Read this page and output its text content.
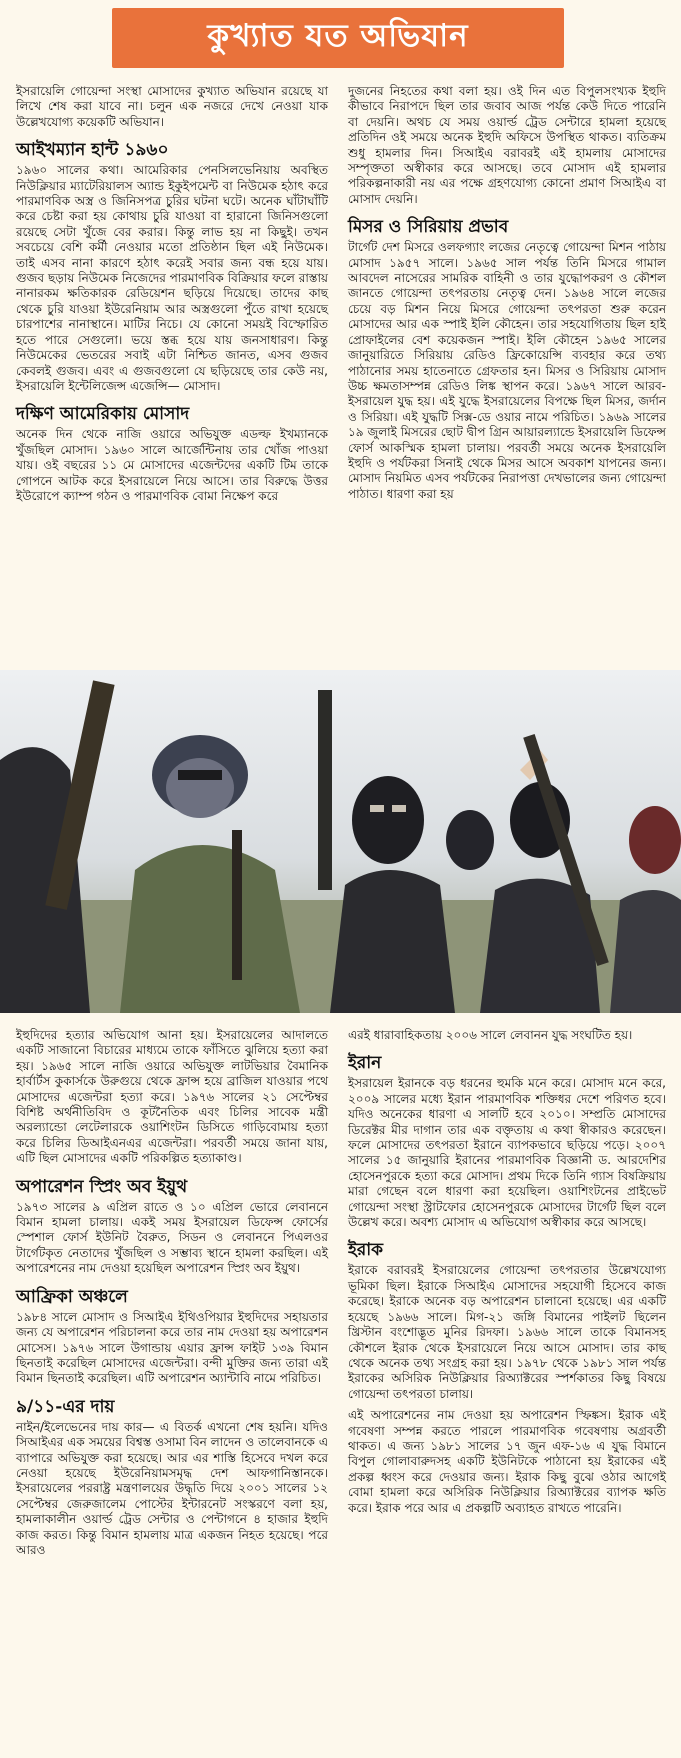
কুখ্যাত যত অভিযান

ইসরায়েলি গোয়েন্দা সংস্থা মোসাদের কুখ্যাত অভিযান রয়েছে যা লিখে শেষ করা যাবে না। চলুন এক নজরে দেখে নেওয়া যাক উল্লেখযোগ্য কয়েকটি অভিযান।

আইখম্যান হান্ট ১৯৬০

১৯৬০ সালের কথা। আমেরিকার পেনসিলভেনিয়ায় অবস্থিত নিউক্লিয়ার ম্যাটেরিয়ালস অ্যান্ড ইকুইপমেন্ট বা নিউমেক হঠাৎ করে পারমাণবিক অস্ত্র ও জিনিসপত্র চুরির ঘটনা ঘটে। অনেক ঘাঁটাঘাঁটি করে চেষ্টা করা হয় কোথায় চুরি যাওয়া বা হারানো জিনিসগুলো রয়েছে সেটা খুঁজে বের করার। কিন্তু লাভ হয় না কিছুই। তখন সবচেয়ে বেশি কর্মী নেওয়ার মতো প্রতিষ্ঠান ছিল এই নিউমেক। তাই এসব নানা কারণে হঠাৎ করেই সবার জন্য বন্ধ হয়ে যায়। গুজব ছড়ায় নিউমেক নিজেদের পারমাণবিক বিক্রিয়ার ফলে রাস্তায় নানারকম ক্ষতিকারক রেডিয়েশন ছড়িয়ে দিয়েছে। তাদের কাছ থেকে চুরি যাওয়া ইউরেনিয়াম আর অস্ত্রগুলো পুঁতে রাখা হয়েছে চারপাশের নানাস্থানে। মাটির নিচে। যে কোনো সময়ই বিস্ফোরিত হতে পারে সেগুলো। ভয়ে স্তব্ধ হয়ে যায় জনসাধারণ। কিন্তু নিউমেকের ভেতরের সবাই এটা নিশ্চিত জানত, এসব গুজব কেবলই গুজব। এবং এ গুজবগুলো যে ছড়িয়েছে তার কেউ নয়, ইসরায়েলি ইন্টেলিজেন্স এজেন্সি— মোসাদ।

দক্ষিণ আমেরিকায় মোসাদ

অনেক দিন থেকে নাজি ওয়ারে অভিযুক্ত এডল্ফ ইখম্যানকে খুঁজছিল মোসাদ। ১৯৬০ সালে আর্জেন্টিনায় তার খোঁজ পাওয়া যায়। ওই বছরের ১১ মে মোসাদের এজেন্টদের একটি টিম তাকে গোপনে আটক করে ইসরায়েলে নিয়ে আসে। তার বিরুদ্ধে উত্তর ইউরোপে ক্যাম্প গঠন ও পারমাণবিক বোমা নিক্ষেপ করে

দুজনের নিহতের কথা বলা হয়। ওই দিন এত বিপুলসংখ্যক ইহুদি কীভাবে নিরাপদে ছিল তার জবাব আজ পর্যন্ত কেউ দিতে পারেনি বা দেয়নি। অথচ যে সময় ওয়ার্ল্ড ট্রেড সেন্টারে হামলা হয়েছে প্রতিদিন ওই সময়ে অনেক ইহুদি অফিসে উপস্থিত থাকত। ব্যতিক্রম শুধু হামলার দিন। সিআইএ বরাবরই এই হামলায় মোসাদের সম্পৃক্ততা অস্বীকার করে আসছে। তবে মোসাদ এই হামলার পরিকল্পনাকারী নয় এর পক্ষে গ্রহণযোগ্য কোনো প্রমাণ সিআইএ বা মোসাদ দেয়নি।

মিসর ও সিরিয়ায় প্রভাব

টার্গেট দেশ মিসরে ওলফগ্যাং লজের নেতৃত্বে গোয়েন্দা মিশন পাঠায় মোসাদ ১৯৫৭ সালে। ১৯৬৫ সাল পর্যন্ত তিনি মিসরে গামাল আবদেল নাসেরের সামরিক বাহিনী ও তার যুদ্ধোপকরণ ও কৌশল জানতে গোয়েন্দা তৎপরতায় নেতৃত্ব দেন। ১৯৬৪ সালে লজের চেয়ে বড় মিশন নিয়ে মিসরে গোয়েন্দা তৎপরতা শুরু করেন মোসাদের আর এক স্পাই ইলি কৌহেন। তার সহযোগিতায় ছিল হাই প্রোফাইলের বেশ কয়েকজন স্পাই। ইলি কৌহেন ১৯৬৫ সালের জানুয়ারিতে সিরিয়ায় রেডিও ফ্রিকোয়েন্সি ব্যবহার করে তথ্য পাঠানোর সময় হাতেনাতে গ্রেফতার হন। মিসর ও সিরিয়ায় মোসাদ উচ্চ ক্ষমতাসম্পন্ন রেডিও লিঙ্ক স্থাপন করে। ১৯৬৭ সালে আরব-ইসরায়েল যুদ্ধ হয়। এই যুদ্ধে ইসরায়েলের বিপক্ষে ছিল মিসর, জর্দান ও সিরিয়া। এই যুদ্ধটি সিক্স-ডে ওয়ার নামে পরিচিত। ১৯৬৯ সালের ১৯ জুলাই মিসরের ছোট দ্বীপ গ্রিন আয়ারল্যান্ডে ইসরায়েলি ডিফেন্স ফোর্স আকস্মিক হামলা চালায়। পরবর্তী সময়ে অনেক ইসরায়েলি ইহুদি ও পর্যটকরা সিনাই থেকে মিসর আসে অবকাশ যাপনের জন্য। মোসাদ নিয়মিত এসব পর্যটকের নিরাপত্তা দেখভালের জন্য গোয়েন্দা পাঠাত। ধারণা করা হয়

ইহুদিদের হত্যার অভিযোগ আনা হয়। ইসরায়েলের আদালতে একটি সাজানো বিচারের মাধ্যমে তাকে ফাঁসিতে ঝুলিয়ে হত্যা করা হয়। ১৯৬৫ সালে নাজি ওয়ারে অভিযুক্ত লাটভিয়ার বৈমানিক হার্বার্টস কুকার্সকে উরুগুয়ে থেকে ফ্রান্স হয়ে ব্রাজিল যাওয়ার পথে মোসাদের এজেন্টরা হত্যা করে। ১৯৭৬ সালের ২১ সেপ্টেম্বর বিশিষ্ট অর্থনীতিবিদ ও কূটনৈতিক এবং চিলির সাবেক মন্ত্রী অরল্যান্ডো লেটেলারকে ওয়াশিংটন ডিসিতে গাড়িবোমায় হত্যা করে চিলির ডিআইএনএর এজেন্টরা। পরবর্তী সময়ে জানা যায়, এটি ছিল মোসাদের একটি পরিকল্পিত হত্যাকাণ্ড।

অপারেশন স্প্রিং অব ইয়ুথ

১৯৭৩ সালের ৯ এপ্রিল রাতে ও ১০ এপ্রিল ভোরে লেবাননে বিমান হামলা চালায়। একই সময় ইসরায়েল ডিফেন্স ফোর্সের স্পেশাল ফোর্স ইউনিট বৈরুত, সিডন ও লেবাননে পিএলওর টার্গেটকৃত নেতাদের খুঁজছিল ও সম্ভাব্য স্থানে হামলা করছিল। এই অপারেশনের নাম দেওয়া হয়েছিল অপারেশন স্প্রিং অব ইয়ুথ।

আফ্রিকা অঞ্চলে

১৯৮৪ সালে মোসাদ ও সিআইএ ইথিওপিয়ার ইহুদিদের সহায়তার জন্য যে অপারেশন পরিচালনা করে তার নাম দেওয়া হয় অপারেশন মোসেস। ১৯৭৬ সালে উগান্ডায় এয়ার ফ্রান্স ফাইট ১৩৯ বিমান ছিনতাই করেছিল মোসাদের এজেন্টরা। বন্দী মুক্তির জন্য তারা এই বিমান ছিনতাই করেছিল। এটি অপারেশন অ্যান্টাবি নামে পরিচিত।

৯/১১-এর দায়

নাইন/ইলেভেনের দায় কার— এ বিতর্ক এখনো শেষ হয়নি। যদিও সিআইএর এক সময়ের বিশ্বস্ত ওসামা বিন লাদেন ও তালেবানকে এ ব্যাপারে অভিযুক্ত করা হয়েছে। আর এর শাস্তি হিসেবে দখল করে নেওয়া হয়েছে ইউরেনিয়ামসমৃদ্ধ দেশ আফগানিস্তানকে। ইসরায়েলের পররাষ্ট্র মন্ত্রণালয়ের উদ্ধৃতি দিয়ে ২০০১ সালের ১২ সেপ্টেম্বর জেরুজালেম পোস্টের ইন্টারনেট সংস্করণে বলা হয়, হামলাকালীন ওয়ার্ল্ড ট্রেড সেন্টার ও পেন্টাগনে ৪ হাজার ইহুদি কাজ করত। কিন্তু বিমান হামলায় মাত্র একজন নিহত হয়েছে। পরে আরও

এরই ধারাবাহিকতায় ২০০৬ সালে লেবানন যুদ্ধ সংঘটিত হয়।

ইরান

ইসরায়েল ইরানকে বড় ধরনের হুমকি মনে করে। মোসাদ মনে করে, ২০০৯ সালের মধ্যে ইরান পারমাণবিক শক্তিধর দেশে পরিণত হবে। যদিও অনেকের ধারণা এ সালটি হবে ২০১০। সম্প্রতি মোসাদের ডিরেক্টর মীর দাগান তার এক বক্তৃতায় এ কথা স্বীকারও করেছেন। ফলে মোসাদের তৎপরতা ইরানে ব্যাপকভাবে ছড়িয়ে পড়ে। ২০০৭ সালের ১৫ জানুয়ারি ইরানের পারমাণবিক বিজ্ঞানী ড. আরদেশির হোসেনপুরকে হত্যা করে মোসাদ। প্রথম দিকে তিনি গ্যাস বিষক্রিয়ায় মারা গেছেন বলে ধারণা করা হয়েছিল। ওয়াশিংটনের প্রাইভেট গোয়েন্দা সংস্থা স্ট্রাটফোর হোসেনপুরকে মোসাদের টার্গেট ছিল বলে উল্লেখ করে। অবশ্য মোসাদ এ অভিযোগ অস্বীকার করে আসছে।

ইরাক

ইরাকে বরাবরই ইসরায়েলের গোয়েন্দা তৎপরতার উল্লেখযোগ্য ভূমিকা ছিল। ইরাকে সিআইএ মোসাদের সহযোগী হিসেবে কাজ করেছে। ইরাকে অনেক বড় অপারেশন চালানো হয়েছে। এর একটি হয়েছে ১৯৬৬ সালে। মিগ-২১ জঙ্গি বিমানের পাইলট ছিলেন খ্রিস্টান বংশোদ্ভূত মুনির রিদফা। ১৯৬৬ সালে তাকে বিমানসহ কৌশলে ইরাক থেকে ইসরায়েলে নিয়ে আসে মোসাদ। তার কাছ থেকে অনেক তথ্য সংগ্রহ করা হয়। ১৯৭৮ থেকে ১৯৮১ সাল পর্যন্ত ইরাকের অসিরিক নিউক্লিয়ার রিঅ্যাক্টরের স্পর্শকাতর কিছু বিষয়ে গোয়েন্দা তৎপরতা চালায়।

এই অপারেশনের নাম দেওয়া হয় অপারেশন স্ফিঙ্কস। ইরাক এই গবেষণা সম্পন্ন করতে পারলে পারমাণবিক গবেষণায় অগ্রবর্তী থাকত। এ জন্য ১৯৮১ সালের ১৭ জুন এফ-১৬ এ যুদ্ধ বিমানে বিপুল গোলাবারুদসহ একটি ইউনিটকে পাঠানো হয় ইরাকের এই প্রকল্প ধ্বংস করে দেওয়ার জন্য। ইরাক কিছু বুঝে ওঠার আগেই বোমা হামলা করে অসিরিক নিউক্লিয়ার রিঅ্যাক্টরের ব্যাপক ক্ষতি করে। ইরাক পরে আর এ প্রকল্পটি অব্যাহত রাখতে পারেনি।
